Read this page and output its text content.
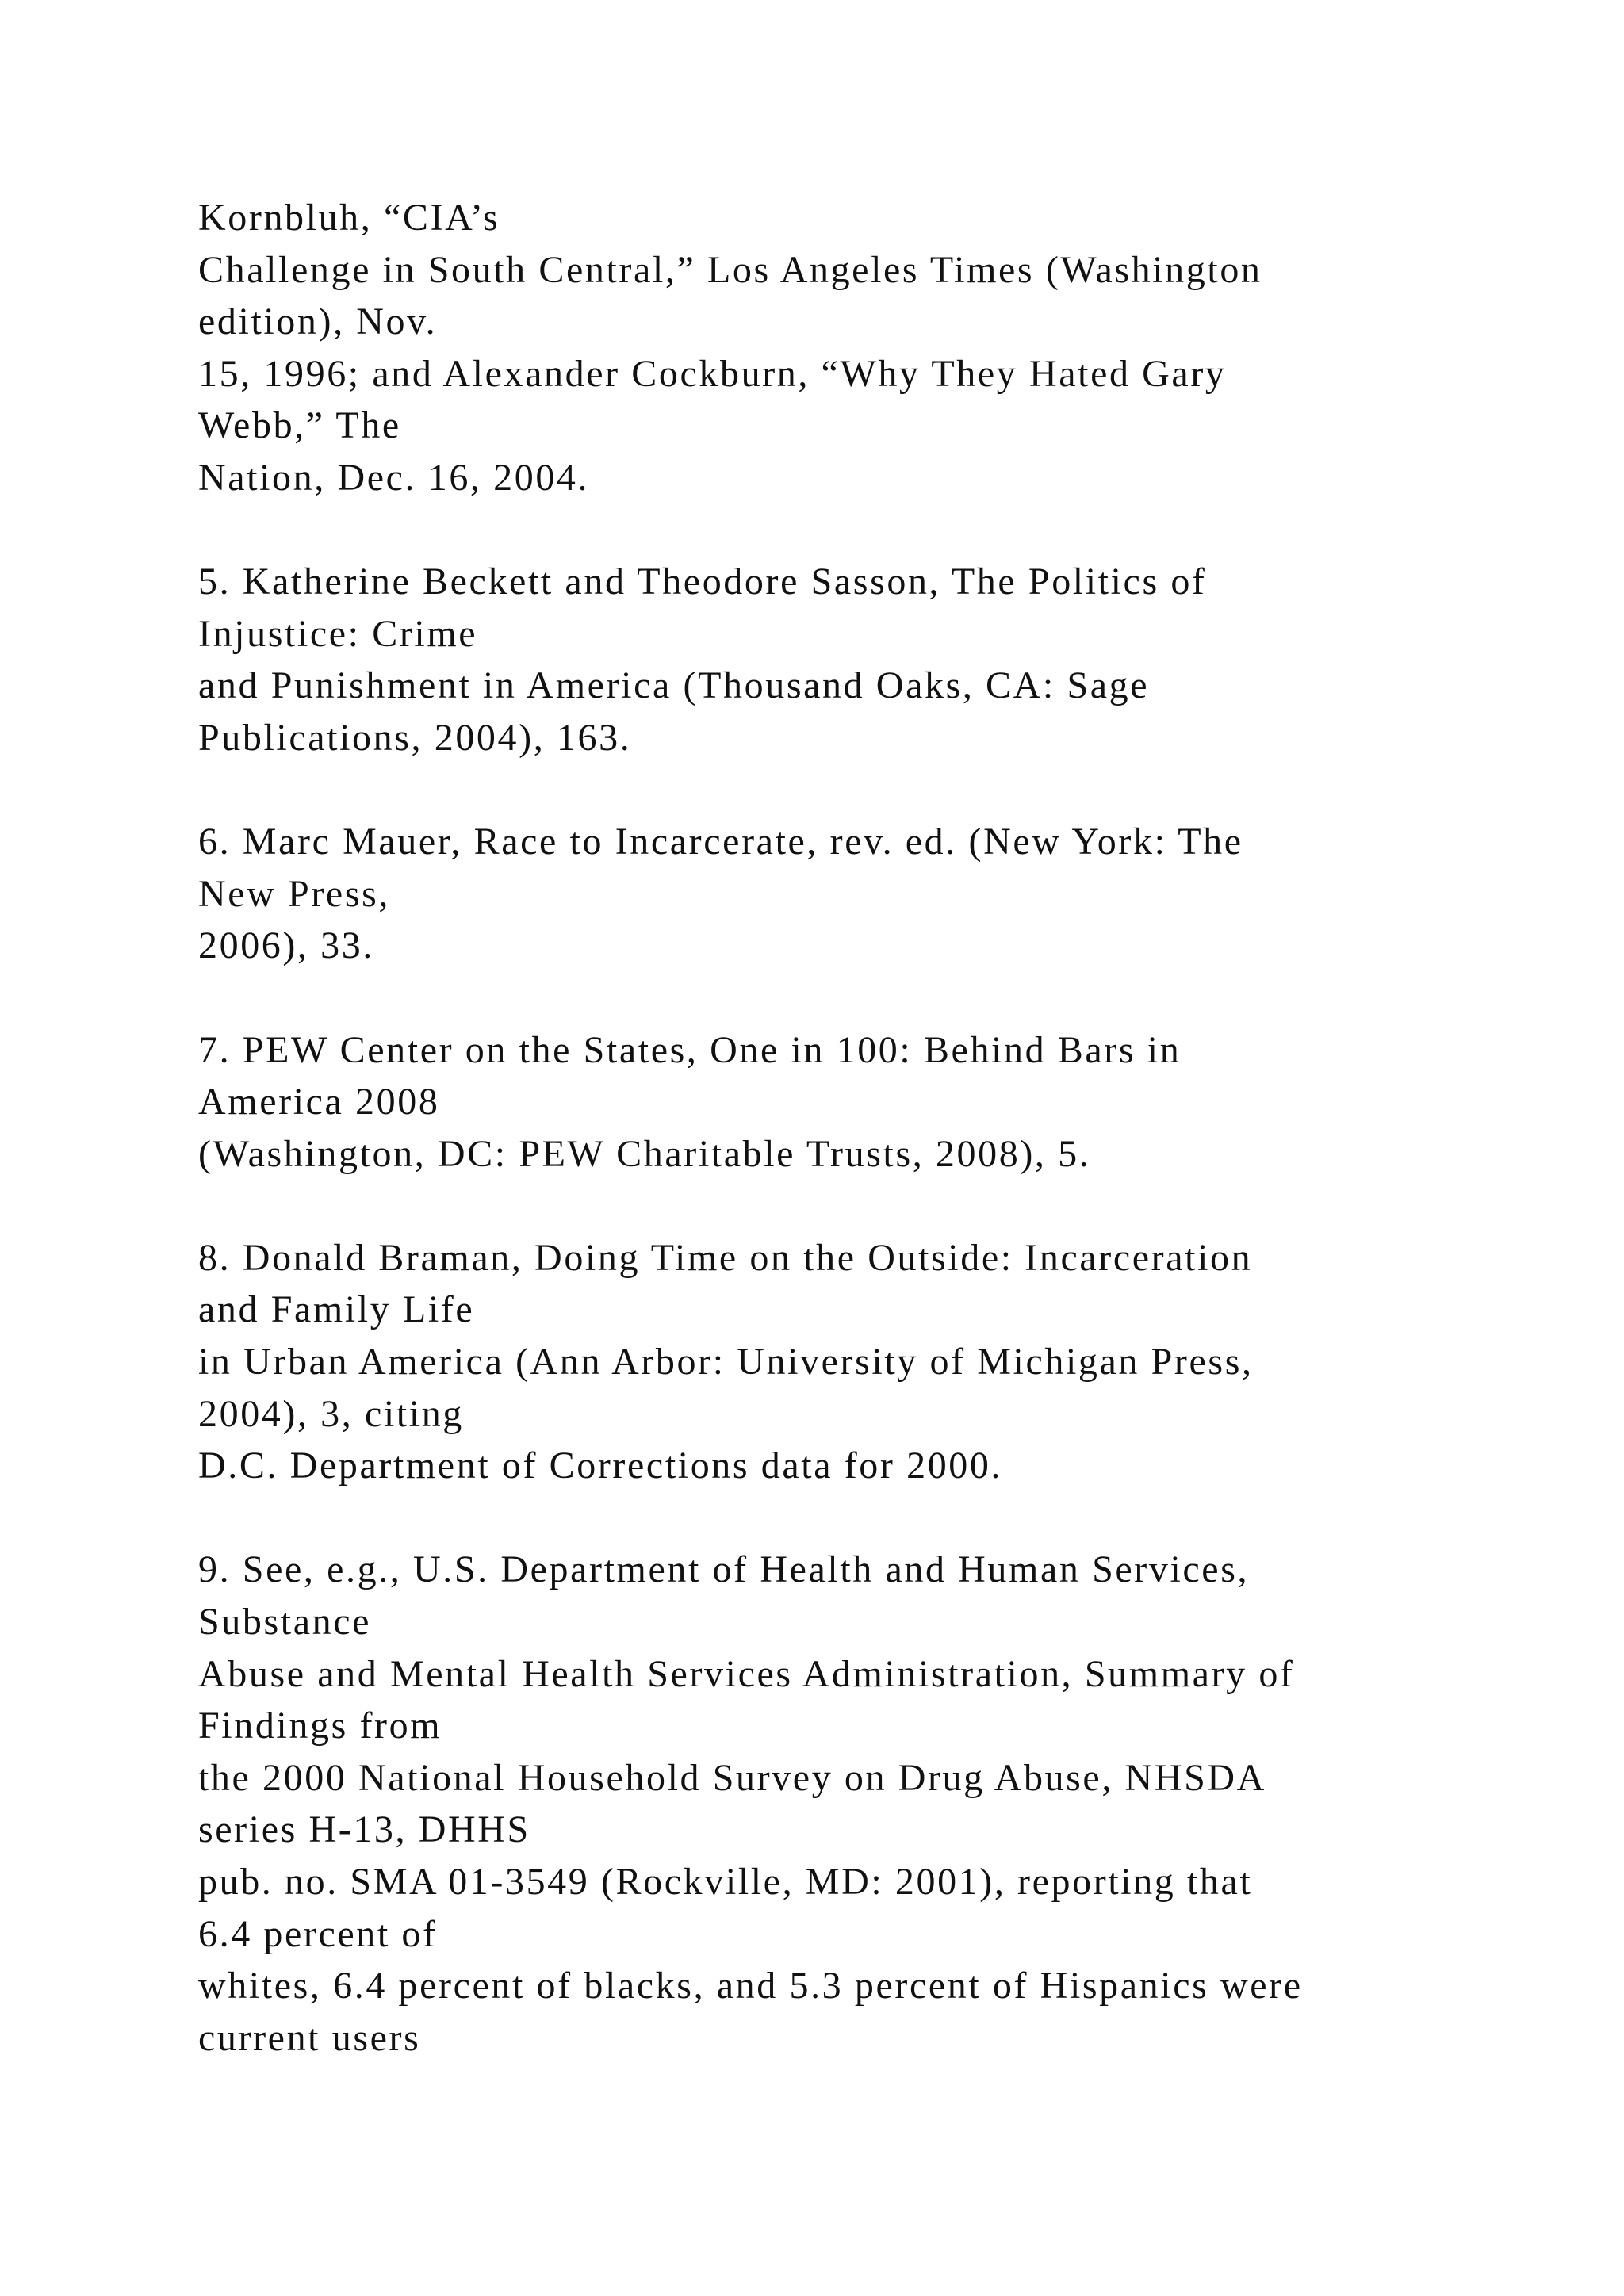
Kornbluh, “CIA’s
Challenge in South Central,” Los Angeles Times (Washington
edition), Nov.
15, 1996; and Alexander Cockburn, “Why They Hated Gary
Webb,” The
Nation, Dec. 16, 2004.
5. Katherine Beckett and Theodore Sasson, The Politics of
Injustice: Crime
and Punishment in America (Thousand Oaks, CA: Sage
Publications, 2004), 163.
6. Marc Mauer, Race to Incarcerate, rev. ed. (New York: The
New Press,
2006), 33.
7. PEW Center on the States, One in 100: Behind Bars in
America 2008
(Washington, DC: PEW Charitable Trusts, 2008), 5.
8. Donald Braman, Doing Time on the Outside: Incarceration
and Family Life
in Urban America (Ann Arbor: University of Michigan Press,
2004), 3, citing
D.C. Department of Corrections data for 2000.
9. See, e.g., U.S. Department of Health and Human Services,
Substance
Abuse and Mental Health Services Administration, Summary of
Findings from
the 2000 National Household Survey on Drug Abuse, NHSDA
series H-13, DHHS
pub. no. SMA 01-3549 (Rockville, MD: 2001), reporting that
6.4 percent of
whites, 6.4 percent of blacks, and 5.3 percent of Hispanics were
current users
